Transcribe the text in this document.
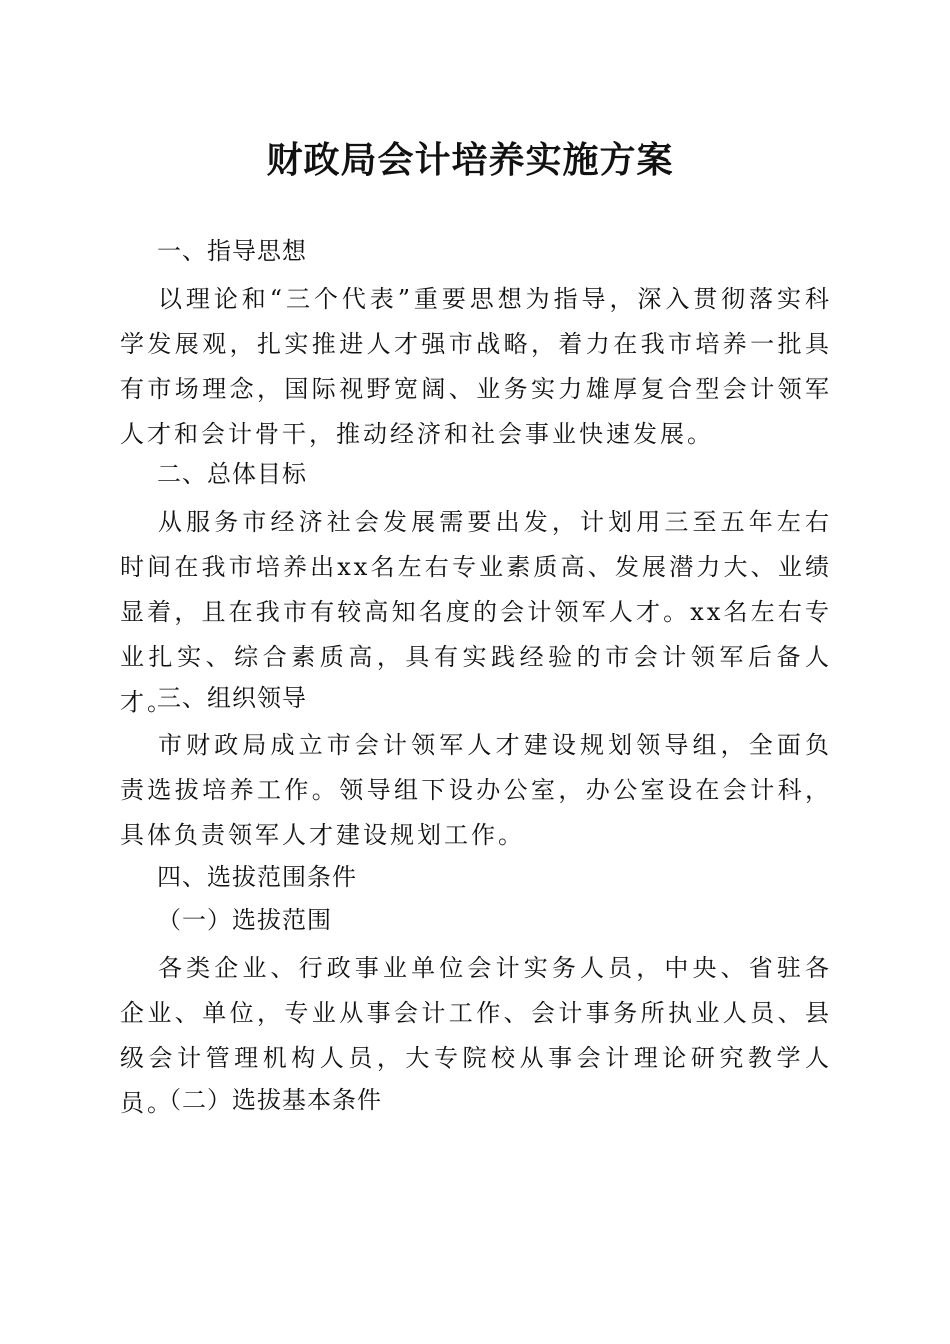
财政局会计培养实施方案
一、指导思想
以理论和“三个代表”重要思想为指导，深入贯彻落实科学发展观，扎实推进人才强市战略，着力在我市培养一批具有市场理念，国际视野宽阔、业务实力雄厚复合型会计领军人才和会计骨干，推动经济和社会事业快速发展。
二、总体目标
从服务市经济社会发展需要出发，计划用三至五年左右时间在我市培养出xx名左右专业素质高、发展潜力大、业绩显着，且在我市有较高知名度的会计领军人才。xx名左右专业扎实、综合素质高，具有实践经验的市会计领军后备人才。
三、组织领导
市财政局成立市会计领军人才建设规划领导组，全面负责选拔培养工作。领导组下设办公室，办公室设在会计科，具体负责领军人才建设规划工作。
四、选拔范围条件
（一）选拔范围
各类企业、行政事业单位会计实务人员，中央、省驻各企业、单位，专业从事会计工作、会计事务所执业人员、县级会计管理机构人员，大专院校从事会计理论研究教学人员。
（二）选拔基本条件
